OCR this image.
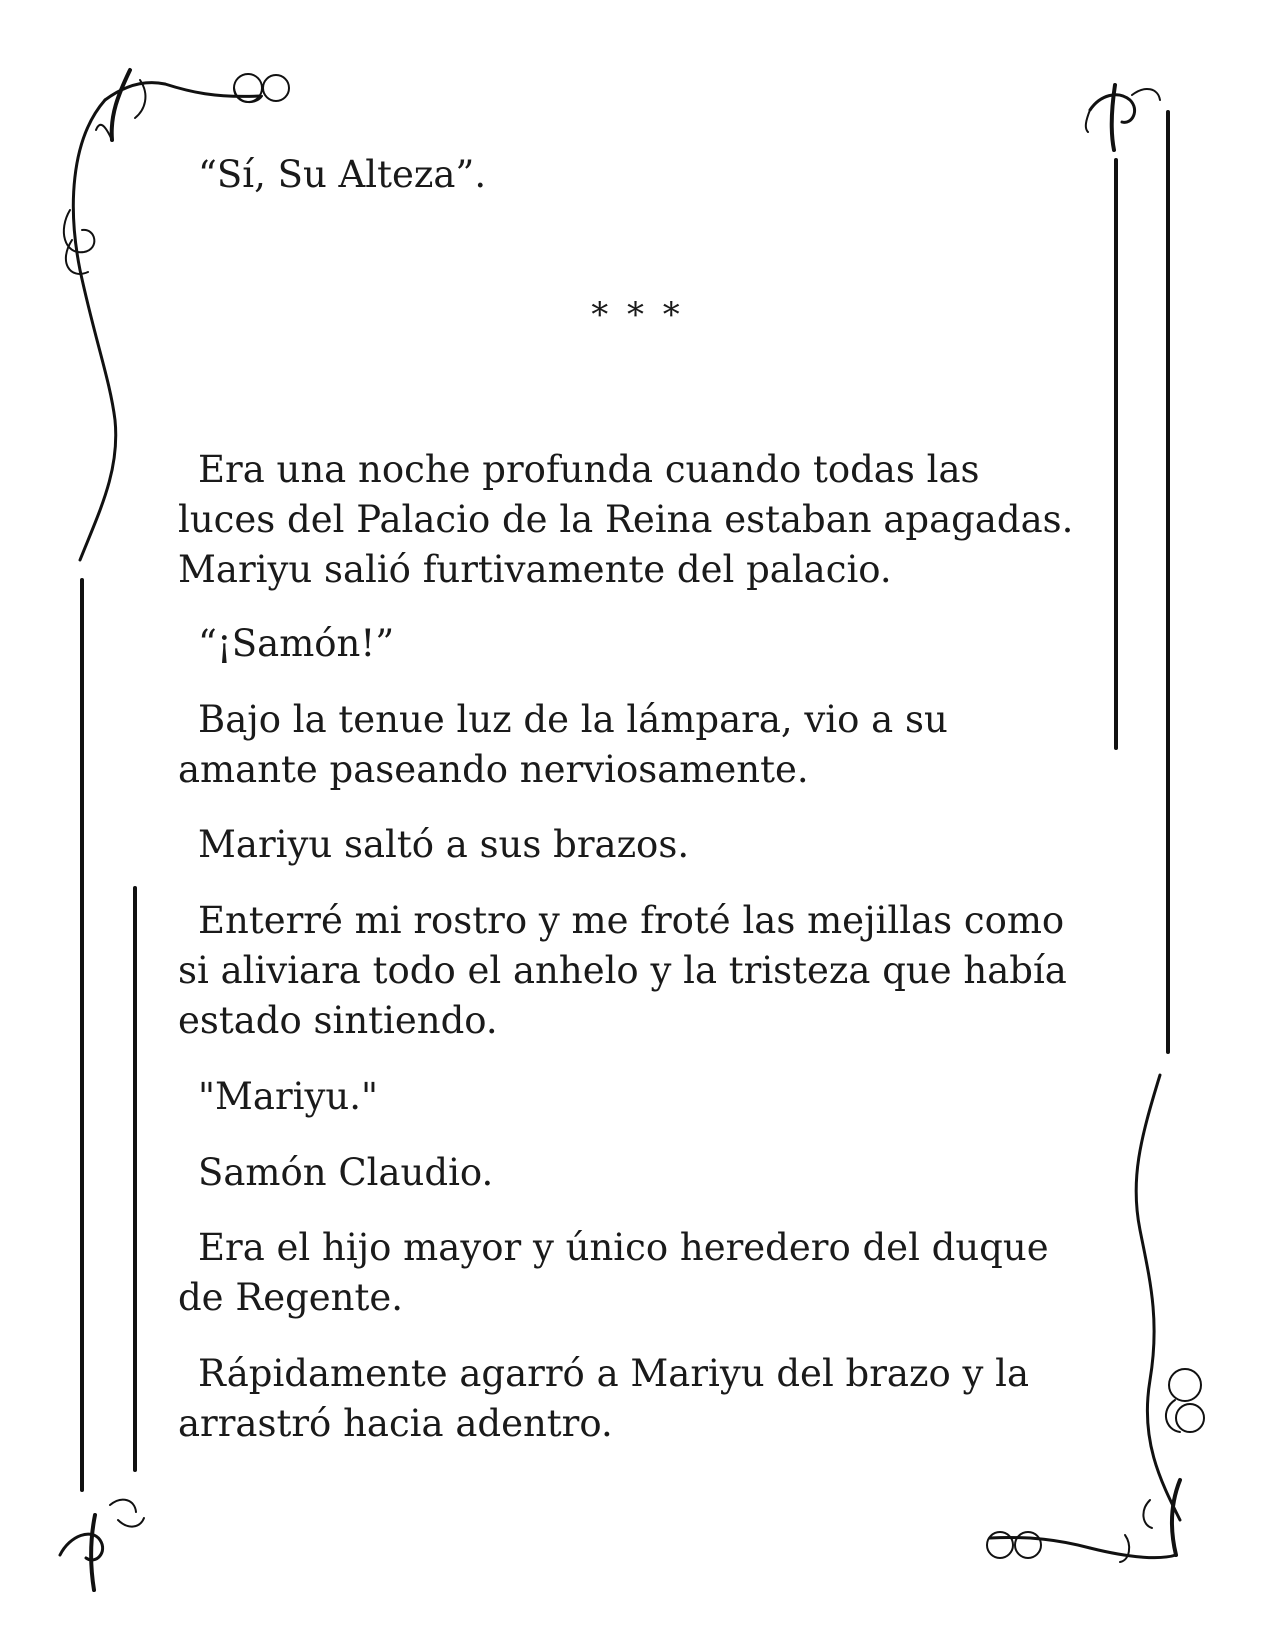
“Sí, Su Alteza”.

* * *

Era una noche profunda cuando todas las

luces del Palacio de la Reina estaban apagadas.

Mariyu salió furtivamente del palacio.

“¡Samón!”

Bajo la tenue luz de la lámpara, vio a su

amante paseando nerviosamente.

Mariyu saltó a sus brazos.

Enterré mi rostro y me froté las mejillas como

si aliviara todo el anhelo y la tristeza que había

estado sintiendo.

"Mariyu."

Samón Claudio.

Era el hijo mayor y único heredero del duque

de Regente.

Rápidamente agarró a Mariyu del brazo y la

arrastró hacia adentro.
